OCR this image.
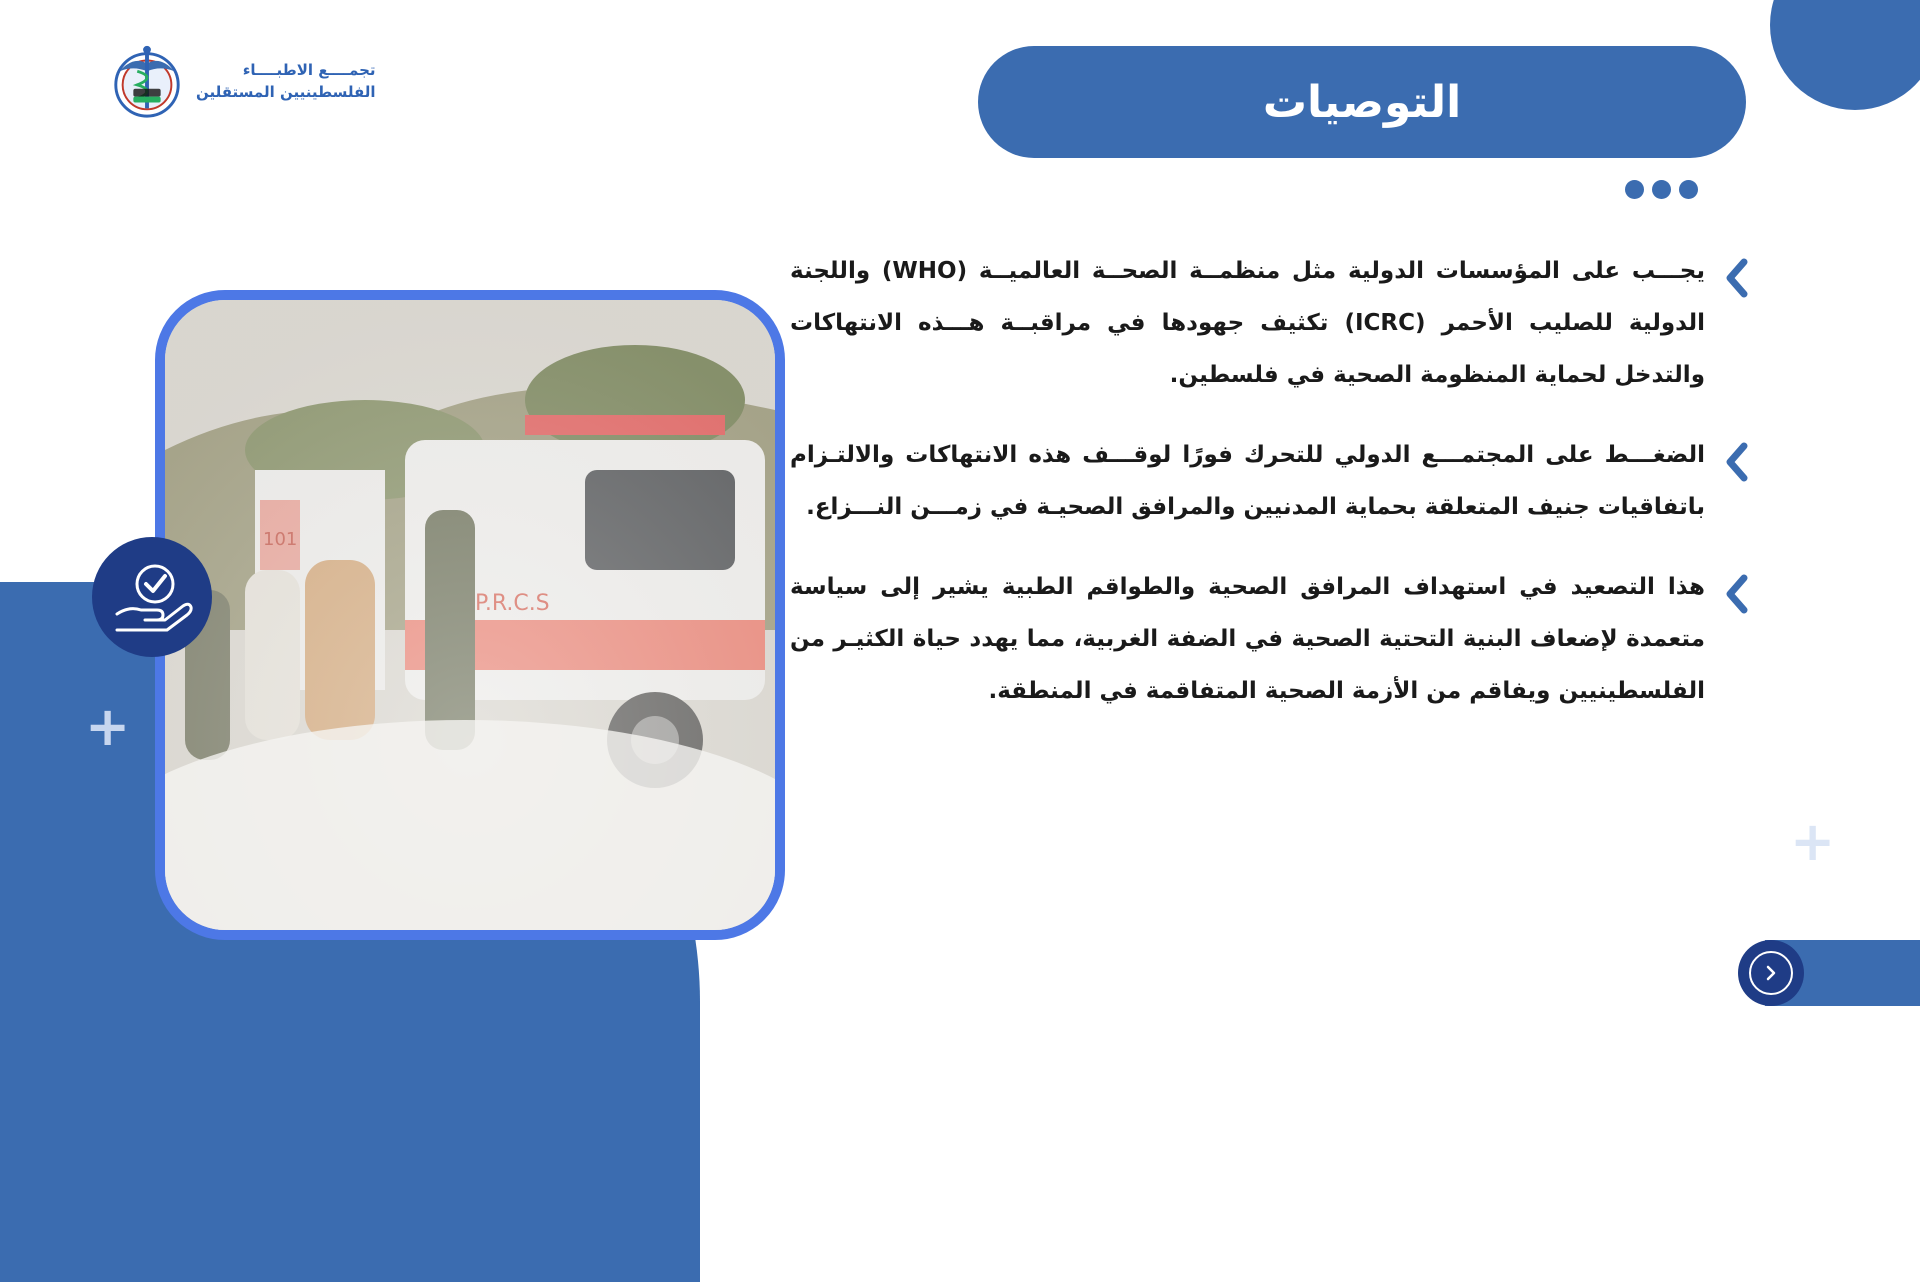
+
+
تجمــــع الاطبــــاء
الفلسطينيين المستقلين	التوصيات
يجـــب على المؤسسات الدولية مثل منظمــة الصحــة العالميــة (WHO) واللجنة الدولية للصليب الأحمر (ICRC) تكثيف جهودها في مراقبــة هـــذه الانتهاكات والتدخل لحماية المنظومة الصحية في فلسطين.
الضغـــط على المجتمـــع الدولي للتحرك فورًا لوقـــف هذه الانتهاكات والالتـزام باتفاقيات جنيف المتعلقة بحماية المدنيين والمرافق الصحيـة في زمـــن النـــزاع.
هذا التصعيد في استهداف المرافق الصحية والطواقم الطبية يشير إلى سياسة متعمدة لإضعاف البنية التحتية الصحية في الضفة الغربية، مما يهدد حياة الكثيـر من الفلسطينيين ويفاقم من الأزمة الصحية المتفاقمة في المنطقة.
